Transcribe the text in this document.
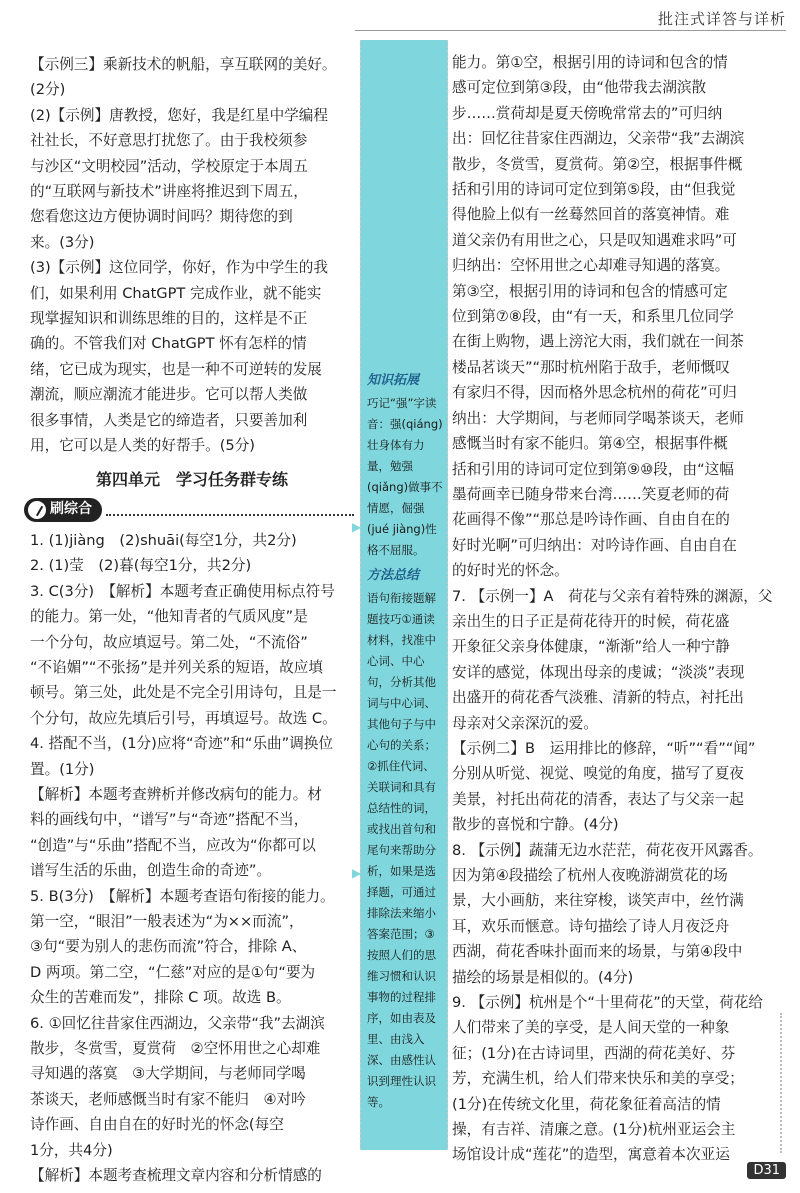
批注式详答与详析
【示例三】乘新技术的帆船，享互联网的美好。
(2分)
(2)【示例】唐教授，您好，我是红星中学编程
社社长，不好意思打扰您了。由于我校须参
与沙区“文明校园”活动，学校原定于本周五
的“互联网与新技术”讲座将推迟到下周五，
您看您这边方便协调时间吗？期待您的到
来。(3分)
(3)【示例】这位同学，你好，作为中学生的我
们，如果利用 ChatGPT 完成作业，就不能实
现掌握知识和训练思维的目的，这样是不正
确的。不管我们对 ChatGPT 怀有怎样的情
绪，它已成为现实，也是一种不可逆转的发展
潮流，顺应潮流才能进步。它可以帮人类做
很多事情，人类是它的缔造者，只要善加利
用，它可以是人类的好帮手。(5分)
第四单元　学习任务群专练
刷综合
1. (1)jiàng　(2)shuāi(每空1分，共2分)
2. (1)莹　(2)暮(每空1分，共2分)
3. C(3分)　【解析】本题考查正确使用标点符号
的能力。第一处，“他知青者的气质风度”是
一个分句，故应填逗号。第二处，“不流俗”
“不谄媚”“不张扬”是并列关系的短语，故应填
顿号。第三处，此处是不完全引用诗句，且是一
个分句，故应先填后引号，再填逗号。故选 C。
4. 搭配不当，(1分)应将“奇迹”和“乐曲”调换位
置。(1分)
【解析】本题考查辨析并修改病句的能力。材
料的画线句中，“谱写”与“奇迹”搭配不当，
“创造”与“乐曲”搭配不当，应改为“你都可以
谱写生活的乐曲，创造生命的奇迹”。
5. B(3分)　【解析】本题考查语句衔接的能力。
第一空，“眼泪”一般表述为“为××而流”，
③句“要为别人的悲伤而流”符合，排除 A、
D 两项。第二空，“仁慈”对应的是①句“要为
众生的苦难而发”，排除 C 项。故选 B。
6. ①回忆往昔家住西湖边，父亲带“我”去湖滨
散步，冬赏雪，夏赏荷　②空怀用世之心却难
寻知遇的落寞　③大学期间，与老师同学喝
茶谈天，老师感慨当时有家不能归　④对吟
诗作画、自由自在的好时光的怀念(每空
1分，共4分)
【解析】本题考查梳理文章内容和分析情感的
知识拓展
巧记“强”字读音：强(qiáng)壮身体有力量，勉强(qiǎng)做事不情愿，倔强(jué jiàng)性格不屈服。
方法总结
语句衔接题解题技巧①通读材料，找准中心词、中心句，分析其他词与中心词、其他句子与中心句的关系；②抓住代词、关联词和具有总结性的词，或找出首句和尾句来帮助分析，如果是选择题，可通过排除法来缩小答案范围；③按照人们的思维习惯和认识事物的过程排序，如由表及里、由浅入深、由感性认识到理性认识等。
▶
▶
能力。第①空，根据引用的诗词和包含的情
感可定位到第③段，由“他带我去湖滨散
步……赏荷却是夏天傍晚常常去的”可归纳
出：回忆往昔家住西湖边，父亲带“我”去湖滨
散步，冬赏雪，夏赏荷。第②空，根据事件概
括和引用的诗词可定位到第⑤段，由“但我觉
得他脸上似有一丝蓦然回首的落寞神情。难
道父亲仍有用世之心，只是叹知遇难求吗”可
归纳出：空怀用世之心却难寻知遇的落寞。
第③空，根据引用的诗词和包含的情感可定
位到第⑦⑧段，由“有一天，和系里几位同学
在街上购物，遇上滂沱大雨，我们就在一间茶
楼品茗谈天”“那时杭州陷于敌手，老师慨叹
有家归不得，因而格外思念杭州的荷花”可归
纳出：大学期间，与老师同学喝茶谈天，老师
感慨当时有家不能归。第④空，根据事件概
括和引用的诗词可定位到第⑨⑩段，由“这幅
墨荷画幸已随身带来台湾……笑夏老师的荷
花画得不像”“那总是吟诗作画、自由自在的
好时光啊”可归纳出：对吟诗作画、自由自在
的好时光的怀念。
7. 【示例一】A　荷花与父亲有着特殊的渊源，父
亲出生的日子正是荷花待开的时候，荷花盛
开象征父亲身体健康，“渐渐”给人一种宁静
安详的感觉，体现出母亲的虔诚；“淡淡”表现
出盛开的荷花香气淡雅、清新的特点，衬托出
母亲对父亲深沉的爱。
【示例二】B　运用排比的修辞，“听”“看”“闻”
分别从听觉、视觉、嗅觉的角度，描写了夏夜
美景，衬托出荷花的清香，表达了与父亲一起
散步的喜悦和宁静。(4分)
8. 【示例】蔬蒲无边水茫茫，荷花夜开风露香。
因为第④段描绘了杭州人夜晚游湖赏花的场
景，大小画舫，来往穿梭，谈笑声中，丝竹满
耳，欢乐而惬意。诗句描绘了诗人月夜泛舟
西湖，荷花香味扑面而来的场景，与第④段中
描绘的场景是相似的。(4分)
9. 【示例】杭州是个“十里荷花”的天堂，荷花给
人们带来了美的享受，是人间天堂的一种象
征；(1分)在古诗词里，西湖的荷花美好、芬
芳，充满生机，给人们带来快乐和美的享受；
(1分)在传统文化里，荷花象征着高洁的情
操，有吉祥、清廉之意。(1分)杭州亚运会主
场馆设计成“莲花”的造型，寓意着本次亚运
D31
